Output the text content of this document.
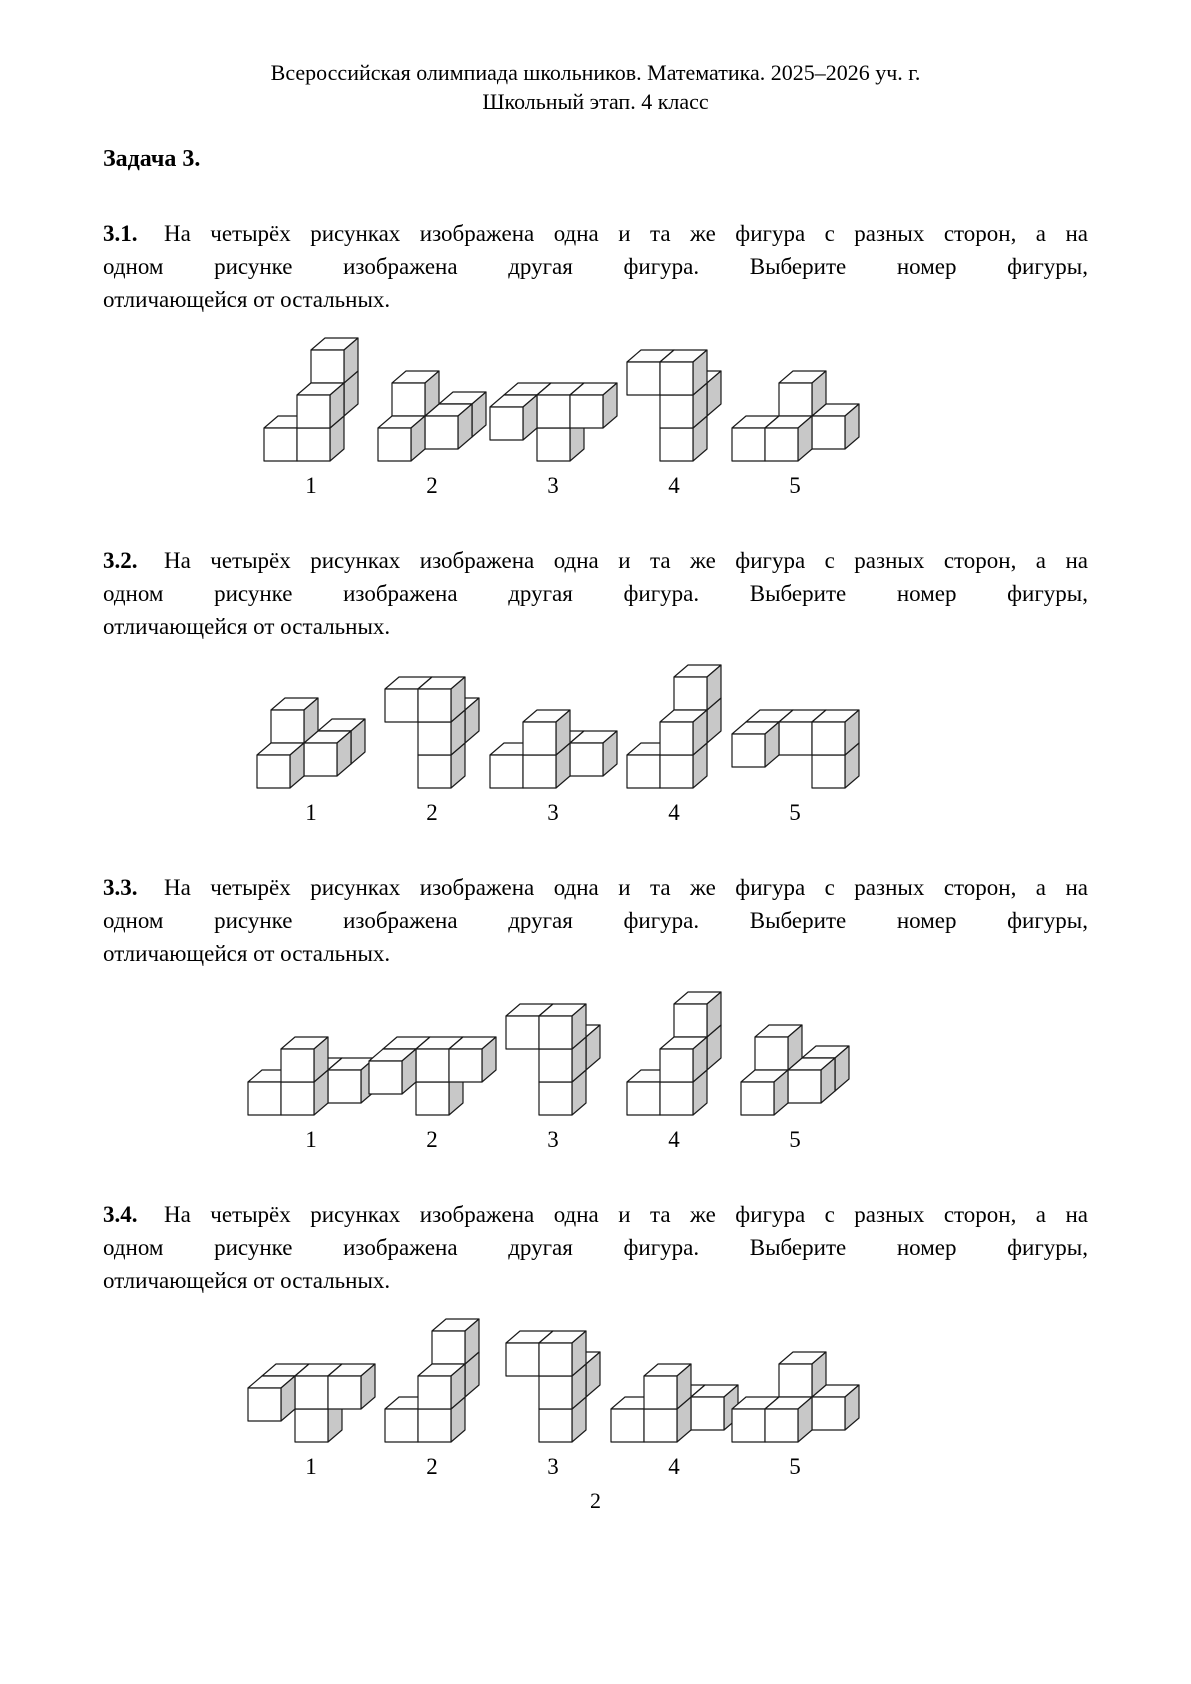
Всероссийская олимпиада школьников. Математика. 2025–2026 уч. г.
Школьный этап. 4 класс
Задача 3.
3.1. На четырёх рисунках изображена одна и та же фигура с разных сторон, а на
одном рисунке изображена другая фигура. Выберите номер фигуры,
отличающейся от остальных.
1	2	3	4	5
3.2. На четырёх рисунках изображена одна и та же фигура с разных сторон, а на
одном рисунке изображена другая фигура. Выберите номер фигуры,
отличающейся от остальных.
1	2	3	4	5
3.3. На четырёх рисунках изображена одна и та же фигура с разных сторон, а на
одном рисунке изображена другая фигура. Выберите номер фигуры,
отличающейся от остальных.
1	2	3	4	5
3.4. На четырёх рисунках изображена одна и та же фигура с разных сторон, а на
одном рисунке изображена другая фигура. Выберите номер фигуры,
отличающейся от остальных.
1	2	3	4	5
2
